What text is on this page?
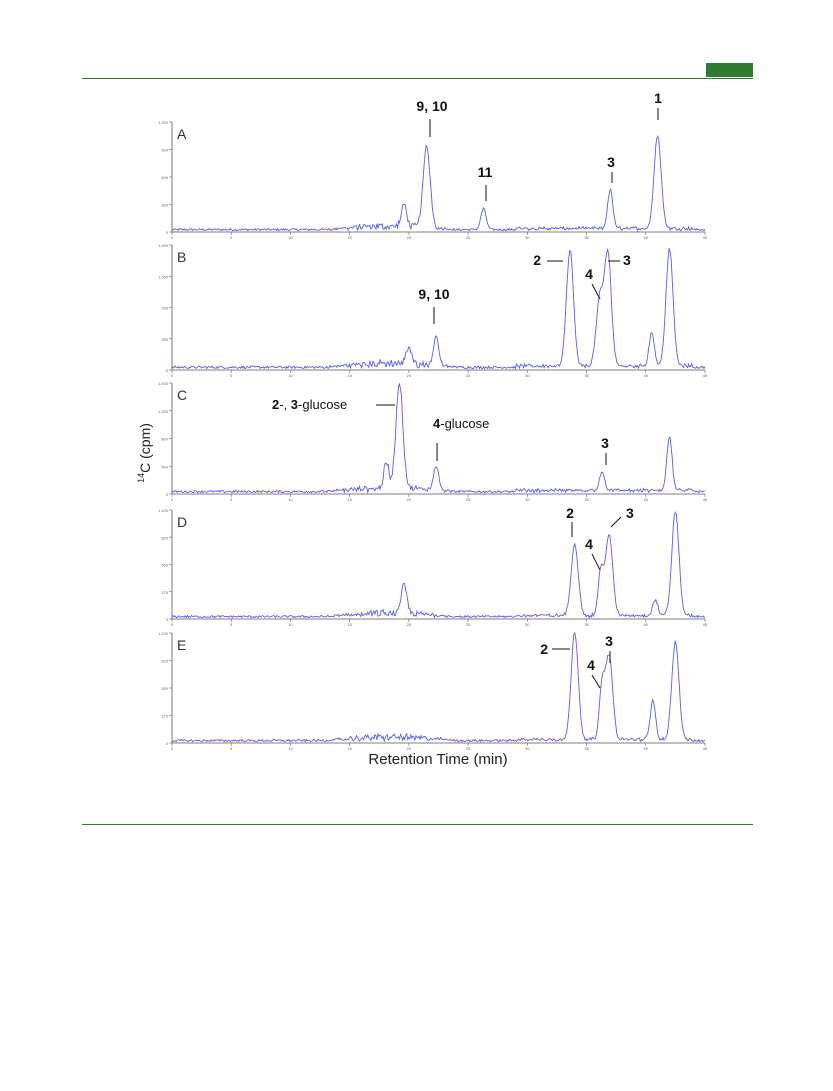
$^{14}$C (cpm)
Retention Time (min)
0
300
600
900
1,200
0	5	10	15	20	25	30	35	40	45
A
9, 10
11
3
1
0
350
700
1,050
1,400
0	5	10	15	20	25	30	35	40	45
B
9, 10
2
4
3
0
400
800
1,200
1,600
0	5	10	15	20	25	30	35	40	45
C
2-, 3-glucose
4-glucose
3
0
275
550
825
1,100
0	5	10	15	20	25	30	35	40	45
D
2
4
3
0
275
550
825
1,100
0	5	10	15	20	25	30	35	40	45
E	2
4
3
